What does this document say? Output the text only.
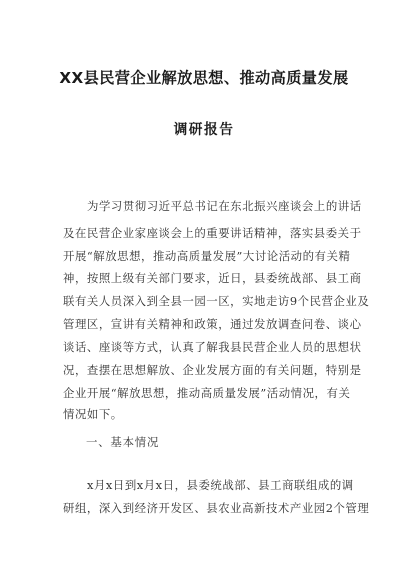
XX县民营企业解放思想、推动高质量发展
调研报告
为学习贯彻习近平总书记在东北振兴座谈会上的讲话
及在民营企业家座谈会上的重要讲话精神，落实县委关于
开展“解放思想，推动高质量发展”大讨论活动的有关精
神，按照上级有关部门要求，近日，县委统战部、县工商
联有关人员深入到全县一园一区，实地走访9个民营企业及
管理区，宣讲有关精神和政策，通过发放调查问卷、谈心
谈话、座谈等方式，认真了解我县民营企业人员的思想状
况，查摆在思想解放、企业发展方面的有关问题，特别是
企业开展“解放思想，推动高质量发展”活动情况，有关
情况如下。
一、基本情况
x月x日到x月x日，县委统战部、县工商联组成的调
研组，深入到经济开发区、县农业高新技术产业园2个管理
